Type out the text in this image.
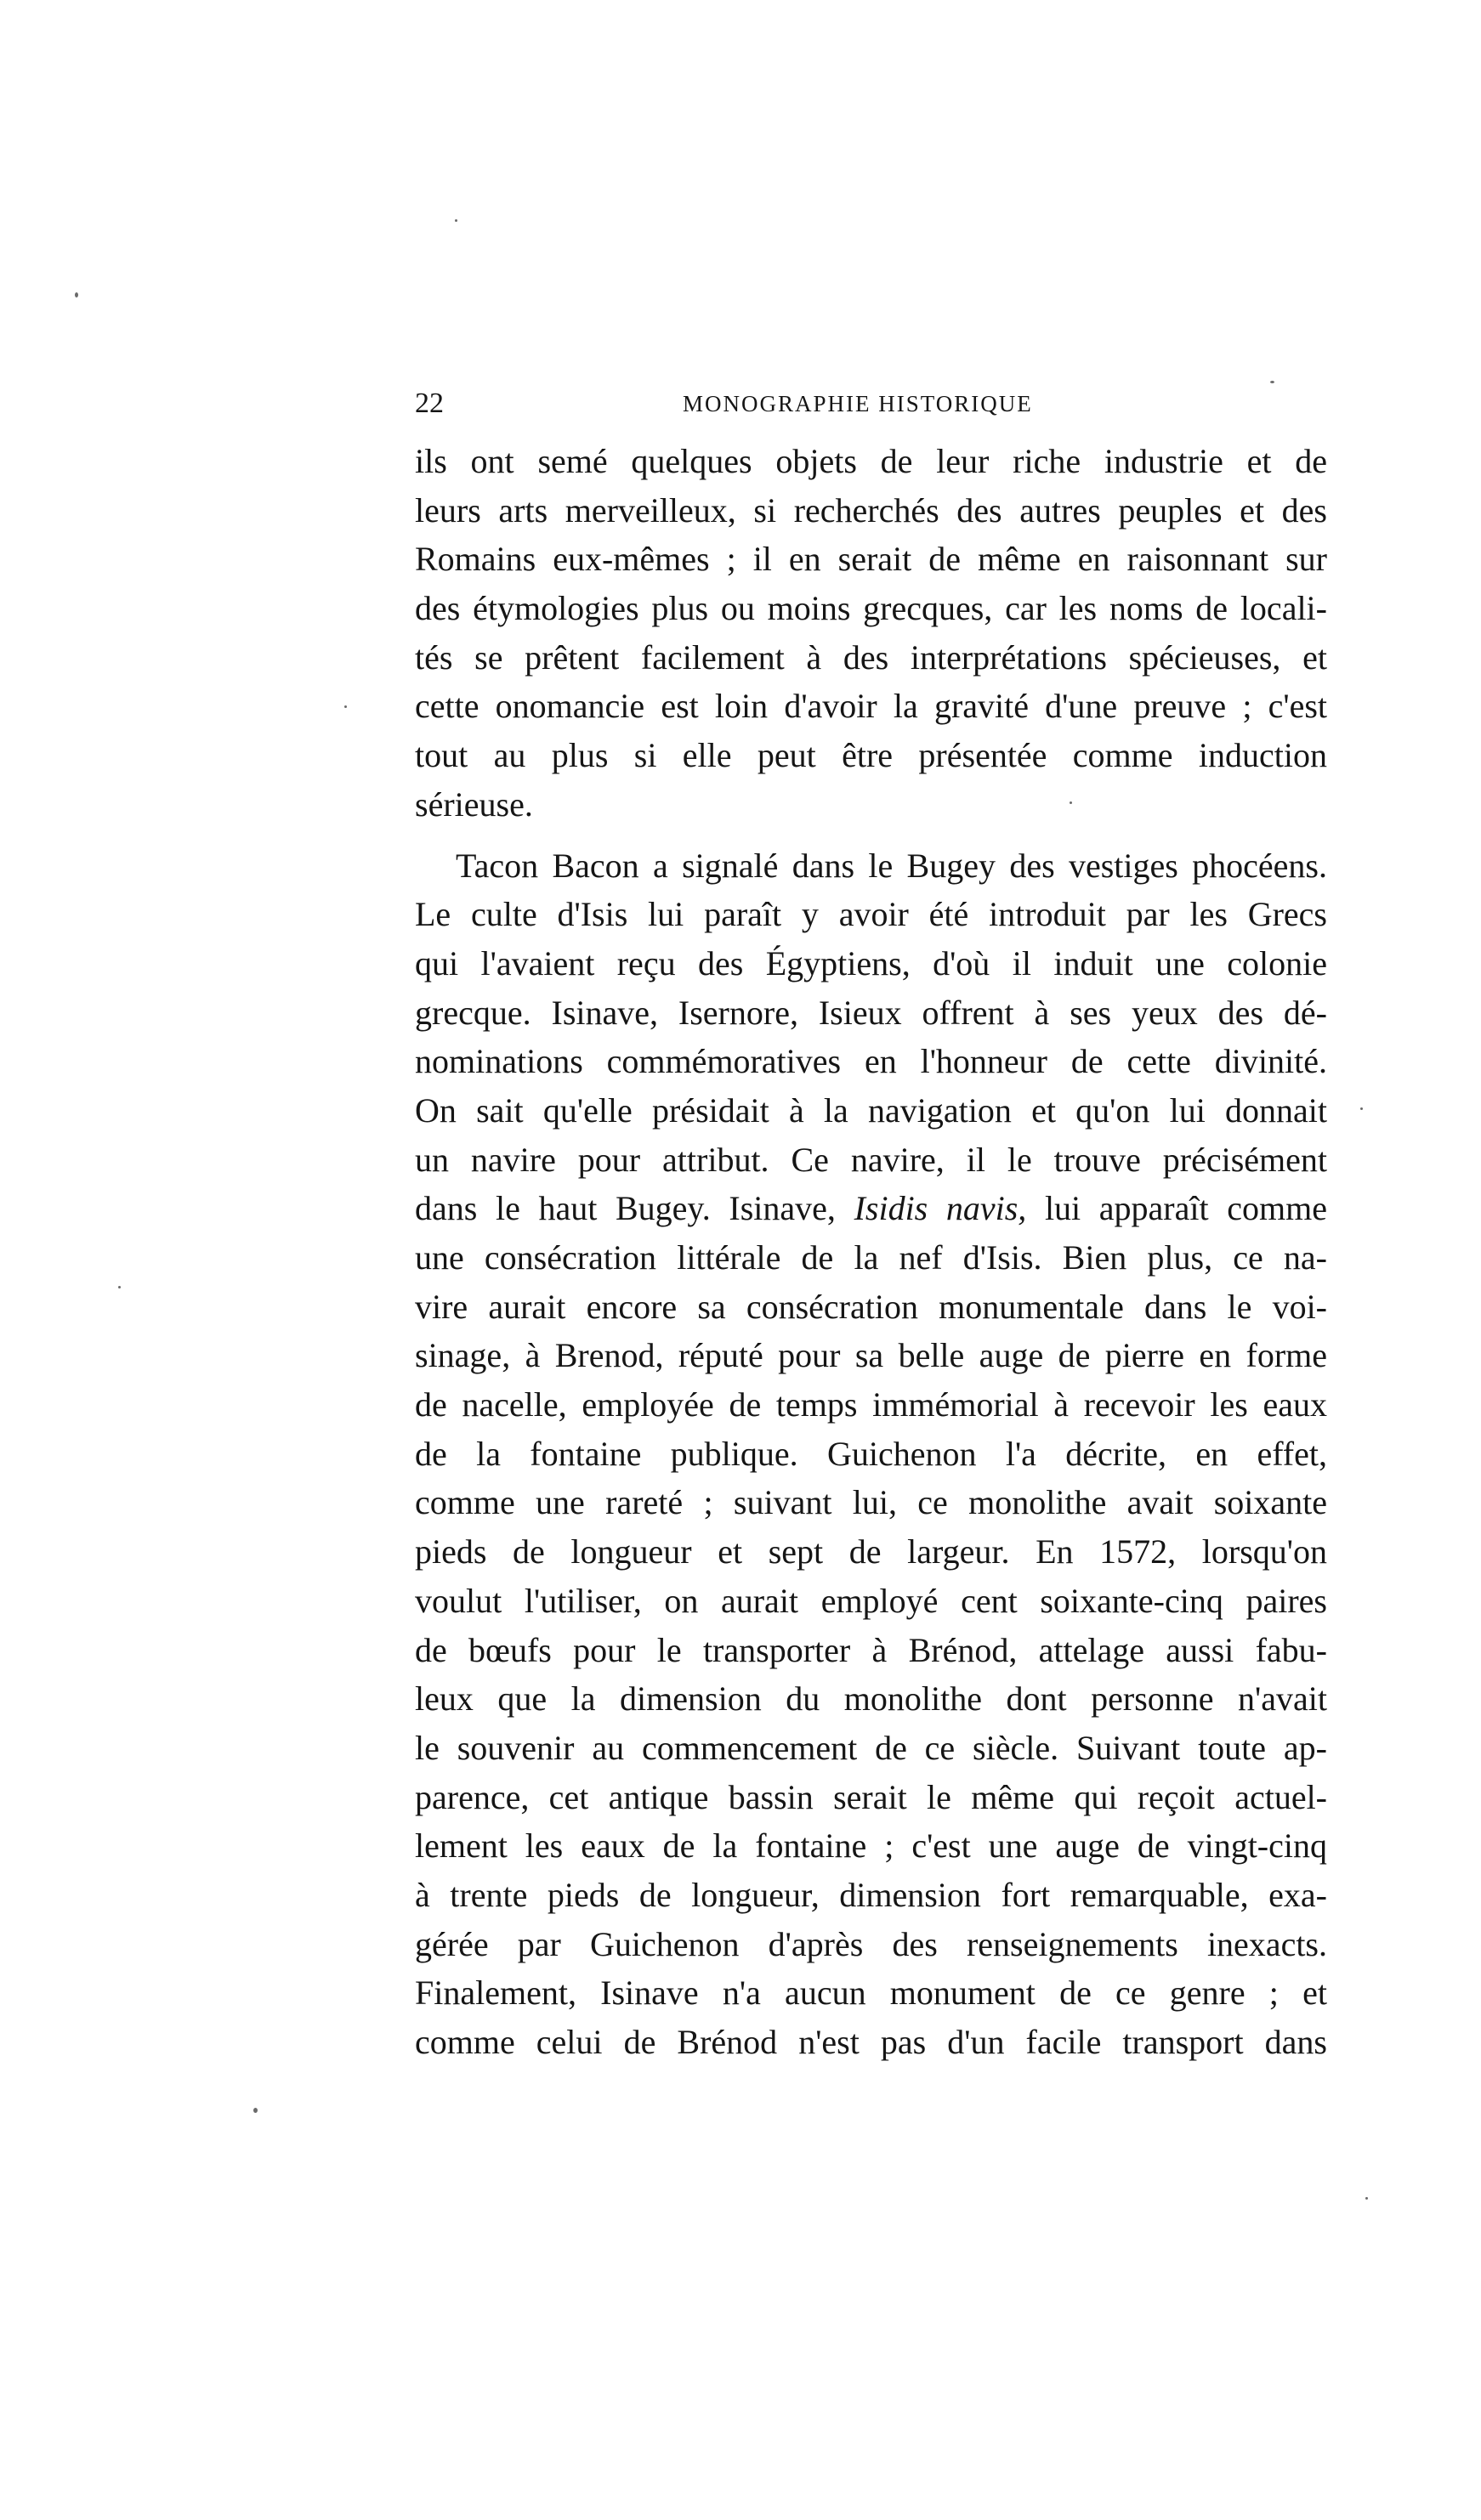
22	MONOGRAPHIE HISTORIQUE
ils ont semé quelques objets de leur riche industrie et de
leurs arts merveilleux, si recherchés des autres peuples et des
Romains eux-mêmes ; il en serait de même en raisonnant sur
des étymologies plus ou moins grecques, car les noms de locali-
tés se prêtent facilement à des interprétations spécieuses, et
cette onomancie est loin d'avoir la gravité d'une preuve ; c'est
tout au plus si elle peut être présentée comme induction
sérieuse.
Tacon Bacon a signalé dans le Bugey des vestiges phocéens.
Le culte d'Isis lui paraît y avoir été introduit par les Grecs
qui l'avaient reçu des Égyptiens, d'où il induit une colonie
grecque. Isinave, Isernore, Isieux offrent à ses yeux des dé-
nominations commémoratives en l'honneur de cette divinité.
On sait qu'elle présidait à la navigation et qu'on lui donnait
un navire pour attribut. Ce navire, il le trouve précisément
dans le haut Bugey. Isinave, Isidis navis, lui apparaît comme
une consécration littérale de la nef d'Isis. Bien plus, ce na-
vire aurait encore sa consécration monumentale dans le voi-
sinage, à Brenod, réputé pour sa belle auge de pierre en forme
de nacelle, employée de temps immémorial à recevoir les eaux
de la fontaine publique. Guichenon l'a décrite, en effet,
comme une rareté ; suivant lui, ce monolithe avait soixante
pieds de longueur et sept de largeur. En 1572, lorsqu'on
voulut l'utiliser, on aurait employé cent soixante-cinq paires
de bœufs pour le transporter à Brénod, attelage aussi fabu-
leux que la dimension du monolithe dont personne n'avait
le souvenir au commencement de ce siècle. Suivant toute ap-
parence, cet antique bassin serait le même qui reçoit actuel-
lement les eaux de la fontaine ; c'est une auge de vingt-cinq
à trente pieds de longueur, dimension fort remarquable, exa-
gérée par Guichenon d'après des renseignements inexacts.
Finalement, Isinave n'a aucun monument de ce genre ; et
comme celui de Brénod n'est pas d'un facile transport dans
